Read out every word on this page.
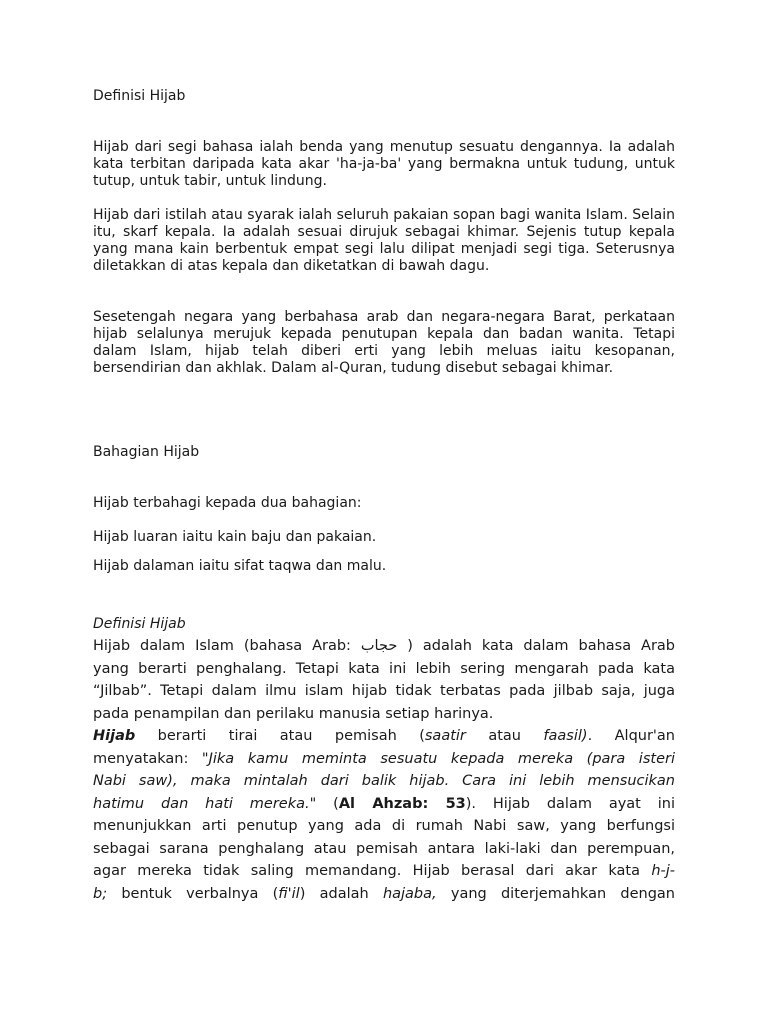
Definisi Hijab

Hijab dari segi bahasa ialah benda yang menutup sesuatu dengannya. Ia adalah kata terbitan daripada kata akar 'ha-ja-ba' yang bermakna untuk tudung, untuk tutup, untuk tabir, untuk lindung.

Hijab dari istilah atau syarak ialah seluruh pakaian sopan bagi wanita Islam. Selain itu, skarf kepala. Ia adalah sesuai dirujuk sebagai khimar. Sejenis tutup kepala yang mana kain berbentuk empat segi lalu dilipat menjadi segi tiga. Seterusnya diletakkan di atas kepala dan diketatkan di bawah dagu.

Sesetengah negara yang berbahasa arab dan negara-negara Barat, perkataan hijab selalunya merujuk kepada penutupan kepala dan badan wanita. Tetapi dalam Islam, hijab telah diberi erti yang lebih meluas iaitu kesopanan, bersendirian dan akhlak. Dalam al-Quran, tudung disebut sebagai khimar.

Bahagian Hijab

Hijab terbahagi kepada dua bahagian:

Hijab luaran iaitu kain baju dan pakaian.

Hijab dalaman iaitu sifat taqwa dan malu.

Definisi Hijab
Hijab dalam Islam (bahasa Arab: حجاب ) adalah kata dalam bahasa Arab
yang berarti penghalang. Tetapi kata ini lebih sering mengarah pada kata
“Jilbab”. Tetapi dalam ilmu islam hijab tidak terbatas pada jilbab saja, juga
pada penampilan dan perilaku manusia setiap harinya.
Hijab berarti tirai atau pemisah (saatir atau faasil). Alqur'an
menyatakan: "Jika kamu meminta sesuatu kepada mereka (para isteri
Nabi saw), maka mintalah dari balik hijab. Cara ini lebih mensucikan
hatimu dan hati mereka." (Al Ahzab: 53). Hijab dalam ayat ini
menunjukkan arti penutup yang ada di rumah Nabi saw, yang berfungsi
sebagai sarana penghalang atau pemisah antara laki-laki dan perempuan,
agar mereka tidak saling memandang. Hijab berasal dari akar kata h-j-
b; bentuk verbalnya (fi'il) adalah hajaba, yang diterjemahkan dengan
